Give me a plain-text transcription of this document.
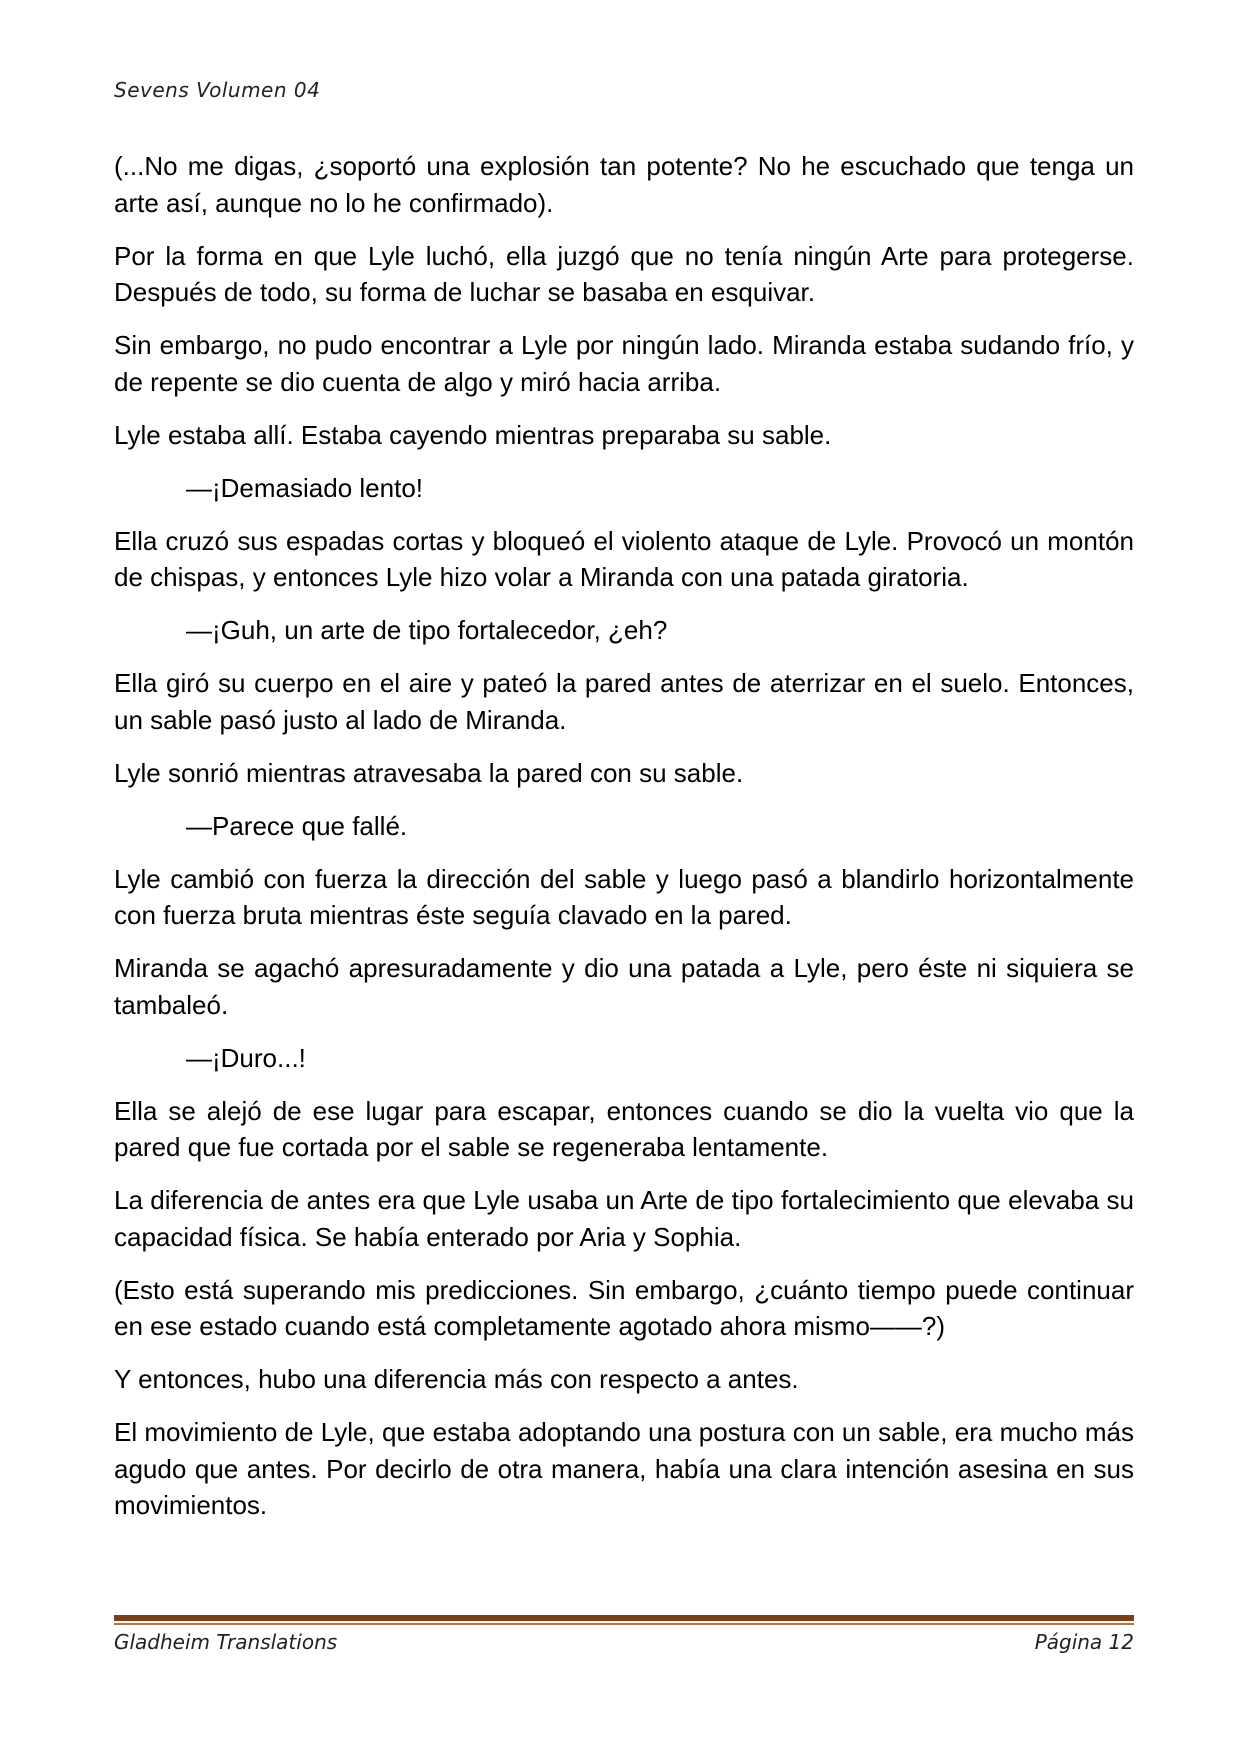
Sevens Volumen 04

(...No me digas, ¿soportó una explosión tan potente? No he escuchado que tenga un arte así, aunque no lo he confirmado).

Por la forma en que Lyle luchó, ella juzgó que no tenía ningún Arte para protegerse. Después de todo, su forma de luchar se basaba en esquivar.

Sin embargo, no pudo encontrar a Lyle por ningún lado. Miranda estaba sudando frío, y de repente se dio cuenta de algo y miró hacia arriba.

Lyle estaba allí. Estaba cayendo mientras preparaba su sable.

—¡Demasiado lento!

Ella cruzó sus espadas cortas y bloqueó el violento ataque de Lyle. Provocó un montón de chispas, y entonces Lyle hizo volar a Miranda con una patada giratoria.

—¡Guh, un arte de tipo fortalecedor, ¿eh?

Ella giró su cuerpo en el aire y pateó la pared antes de aterrizar en el suelo. Entonces, un sable pasó justo al lado de Miranda.

Lyle sonrió mientras atravesaba la pared con su sable.

—Parece que fallé.

Lyle cambió con fuerza la dirección del sable y luego pasó a blandirlo horizontalmente con fuerza bruta mientras éste seguía clavado en la pared.

Miranda se agachó apresuradamente y dio una patada a Lyle, pero éste ni siquiera se tambaleó.

—¡Duro...!

Ella se alejó de ese lugar para escapar, entonces cuando se dio la vuelta vio que la pared que fue cortada por el sable se regeneraba lentamente.

La diferencia de antes era que Lyle usaba un Arte de tipo fortalecimiento que elevaba su capacidad física. Se había enterado por Aria y Sophia.

(Esto está superando mis predicciones. Sin embargo, ¿cuánto tiempo puede continuar en ese estado cuando está completamente agotado ahora mismo——?)

Y entonces, hubo una diferencia más con respecto a antes.

El movimiento de Lyle, que estaba adoptando una postura con un sable, era mucho más agudo que antes. Por decirlo de otra manera, había una clara intención asesina en sus movimientos.

Gladheim Translations	Página 12
